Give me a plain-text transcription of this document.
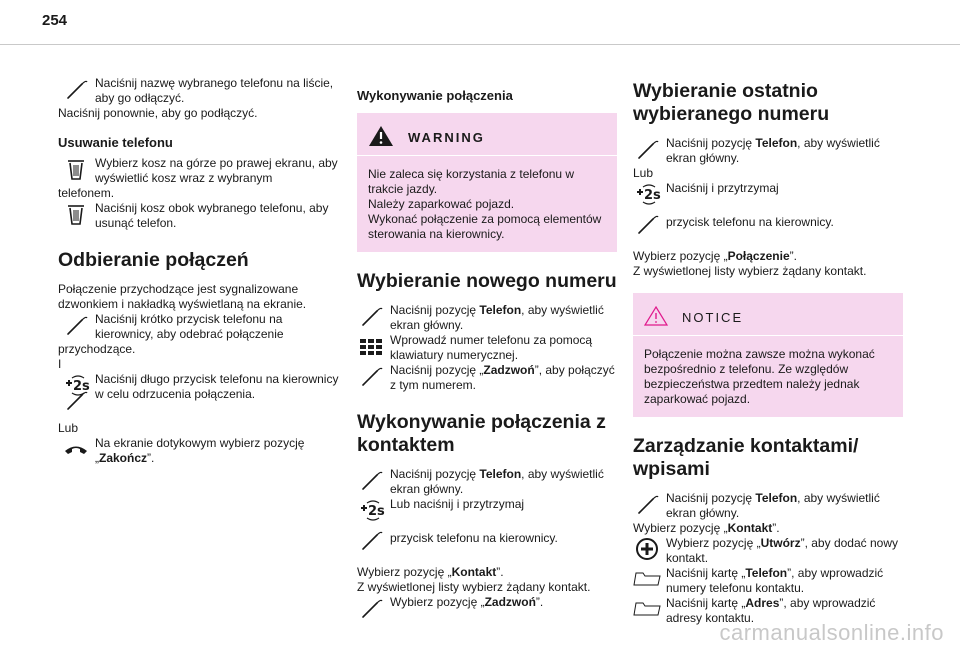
254
Naciśnij nazwę wybranego telefonu na liście, aby go odłączyć.

Naciśnij ponownie, aby go podłączyć.

Usuwanie telefonu

Wybierz kosz na górze po prawej ekranu, aby wyświetlić kosz wraz z wybranym

telefonem.

Naciśnij kosz obok wybranego telefonu, aby usunąć telefon.

Odbieranie połączeń

Połączenie przychodzące jest sygnalizowane dzwonkiem i nakładką wyświetlaną na ekranie.

Naciśnij krótko przycisk telefonu na kierownicy, aby odebrać połączenie

przychodzące.

I

Naciśnij długo przycisk telefonu na kierownicy
w celu odrzucenia połączenia.

Lub

Na ekranie dotykowym wybierz pozycję „Zakończ”.

Wykonywanie połączenia

WARNING
Nie zaleca się korzystania z telefonu w trakcie jazdy.
Należy zaparkować pojazd.
Wykonać połączenie za pomocą elementów sterowania na kierownicy.

Wybieranie nowego numeru

Naciśnij pozycję Telefon, aby wyświetlić ekran główny.
Wprowadź numer telefonu za pomocą klawiatury numerycznej.
Naciśnij pozycję „Zadzwoń”, aby połączyć z tym numerem.

Wykonywanie połączenia z kontaktem

Naciśnij pozycję Telefon, aby wyświetlić ekran główny.
Lub naciśnij i przytrzymaj
przycisk telefonu na kierownicy.

Wybierz pozycję „Kontakt”.

Z wyświetlonej listy wybierz żądany kontakt.

Wybierz pozycję „Zadzwoń”.

Wybieranie ostatnio wybieranego numeru

Naciśnij pozycję Telefon, aby wyświetlić ekran główny.

Lub

Naciśnij i przytrzymaj
przycisk telefonu na kierownicy.

Wybierz pozycję „Połączenie”.

Z wyświetlonej listy wybierz żądany kontakt.

NOTICE
Połączenie można zawsze można wykonać bezpośrednio z telefonu. Ze względów bezpieczeństwa przedtem należy jednak zaparkować pojazd.

Zarządzanie kontaktami/ wpisami

Naciśnij pozycję Telefon, aby wyświetlić ekran główny.

Wybierz pozycję „Kontakt”.

Wybierz pozycję „Utwórz”, aby dodać nowy kontakt.
Naciśnij kartę „Telefon”, aby wprowadzić numery telefonu kontaktu.
Naciśnij kartę „Adres”, aby wprowadzić adresy kontaktu.
carmanualsonline.info
